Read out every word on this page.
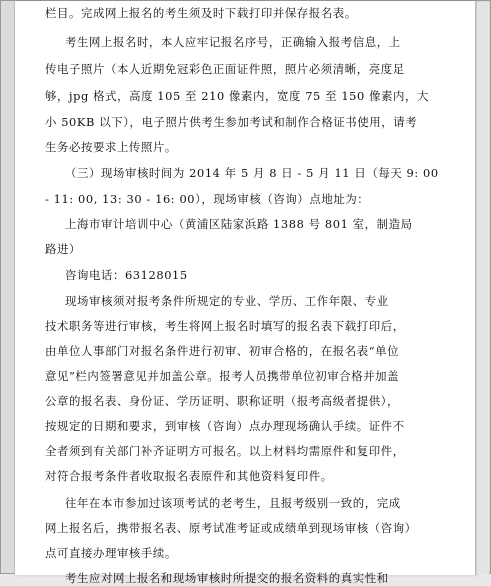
栏目。完成网上报名的考生须及时下载打印并保存报名表。
考生网上报名时，本人应牢记报名序号，正确输入报考信息，上
传电子照片（本人近期免冠彩色正面证件照，照片必须清晰，亮度足
够，jpg 格式，高度 105 至 210 像素内，宽度 75 至 150 像素内，大
小 50KB 以下），电子照片供考生参加考试和制作合格证书使用，请考
生务必按要求上传照片。
（三）现场审核时间为 2014 年 5 月 8 日 - 5 月 11 日（每天 9: 00
- 11: 00, 13: 30 - 16: 00），现场审核（咨询）点地址为：
上海市审计培训中心（黄浦区陆家浜路 1388 号 801 室，制造局
路进）
咨询电话：63128015
现场审核须对报考条件所规定的专业、学历、工作年限、专业
技术职务等进行审核，考生将网上报名时填写的报名表下载打印后，
由单位人事部门对报名条件进行初审、初审合格的，在报名表“单位
意见”栏内签署意见并加盖公章。报考人员携带单位初审合格并加盖
公章的报名表、身份证、学历证明、职称证明（报考高级者提供），
按规定的日期和要求，到审核（咨询）点办理现场确认手续。证件不
全者须到有关部门补齐证明方可报名。以上材料均需原件和复印件，
对符合报考条件者收取报名表原件和其他资料复印件。
往年在本市参加过该项考试的老考生，且报考级别一致的，完成
网上报名后，携带报名表、原考试准考证或成绩单到现场审核（咨询）
点可直接办理审核手续。
考生应对网上报名和现场审核时所提交的报名资料的真实性和
